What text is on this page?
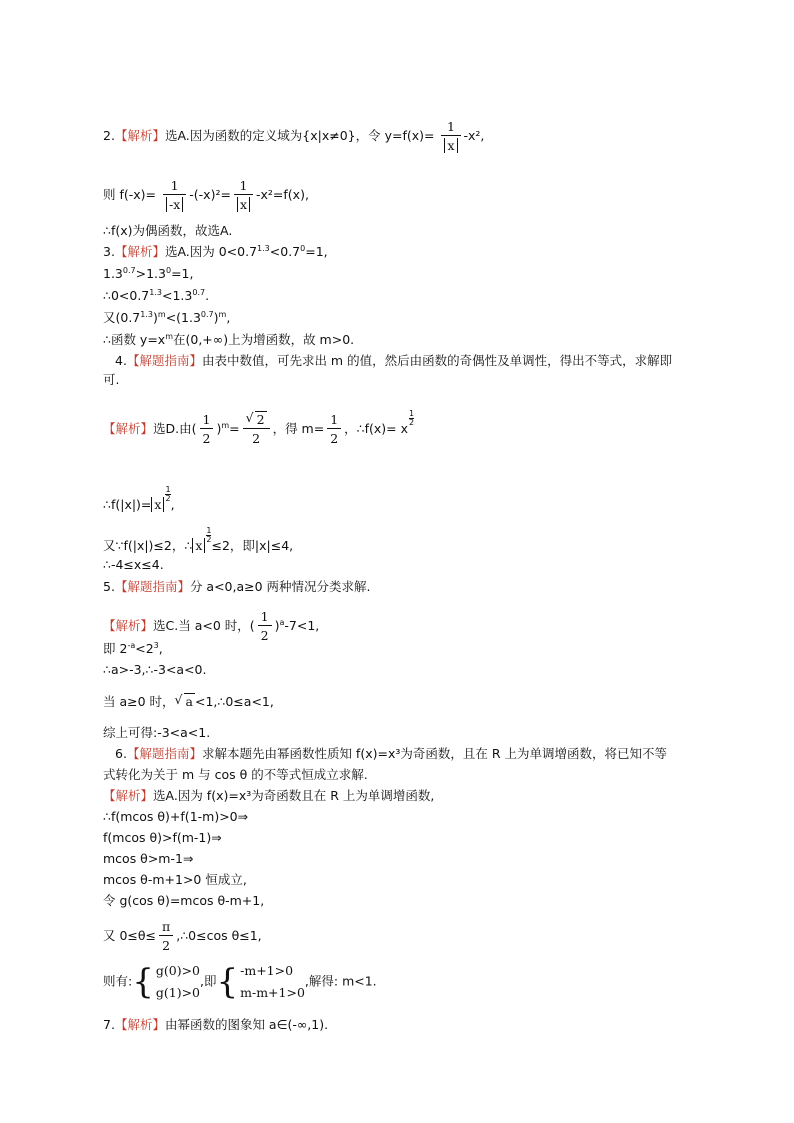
2.【解析】选A.因为函数的定义域为{x|x≠0}，令 $y=f(x)= \frac{1}{x} -x^2$,
则 $f(-x)= \frac{1}{-x} -(-x)^2= \frac{1}{x} -x^2=f(x)$,
∴f(x)为偶函数，故选A.
3.【解析】选A.因为 $0<0.7^{1.3}<0.7^0=1$,
$1.3^{0.7}>1.3^0=1$,
$\therefore 0<0.7^{1.3}<1.3^{0.7}$.
又$(0.7^{1.3})^m<(1.3^{0.7})^m$,
∴函数 $y=x^m$在(0,+∞)上为增函数，故 m>0.
4.【解题指南】由表中数值，可先求出 m 的值，然后由函数的奇偶性及单调性，得出不等式，求解即
可.
【解析】选D.由( $\frac{1}{2} )^m= \frac{√ 2}{2}$ ，得 $m= \frac{1}{2}$ ，∴f(x)= x
$\frac{1}{2}$
∴f(|x|)= x
$\frac{1}{2}$
,
又∵f(|x|)≤2，∴ x
$\frac{1}{2}$
≤2，即|x|≤4,
∴-4≤x≤4.
5.【解题指南】分 a<0,a≥0 两种情况分类求解.
【解析】选C.当 a<0 时，( $\frac{1}{2} )^a-7<1$,
即 $2^{-a}<2^3$,
∴a>-3,∴-3<a<0.
当 a≥0 时， √ a <1,∴0≤a<1,
综上可得:-3<a<1.
6.【解题指南】求解本题先由幂函数性质知 f(x)=x³为奇函数，且在 R 上为单调增函数，将已知不等
式转化为关于 m 与 cos θ 的不等式恒成立求解.
【解析】选A.因为 f(x)=x³为奇函数且在 R 上为单调增函数,
∴f(mcos θ)+f(1-m)>0⇒
f(mcos θ)>f(m-1)⇒
mcos θ>m-1⇒
mcos θ-m+1>0 恒成立,
令 g(cos θ)=mcos θ-m+1,
又 $0\le\theta\le \frac{\pi}{2}$ ,∴0≤cos θ≤1,
则有:{ g(0)>0
g(1)>0
,即{ -m+1>0
m-m+1>0
,解得: m<1.
7.【解析】由幂函数的图象知 a∈(-∞,1).
